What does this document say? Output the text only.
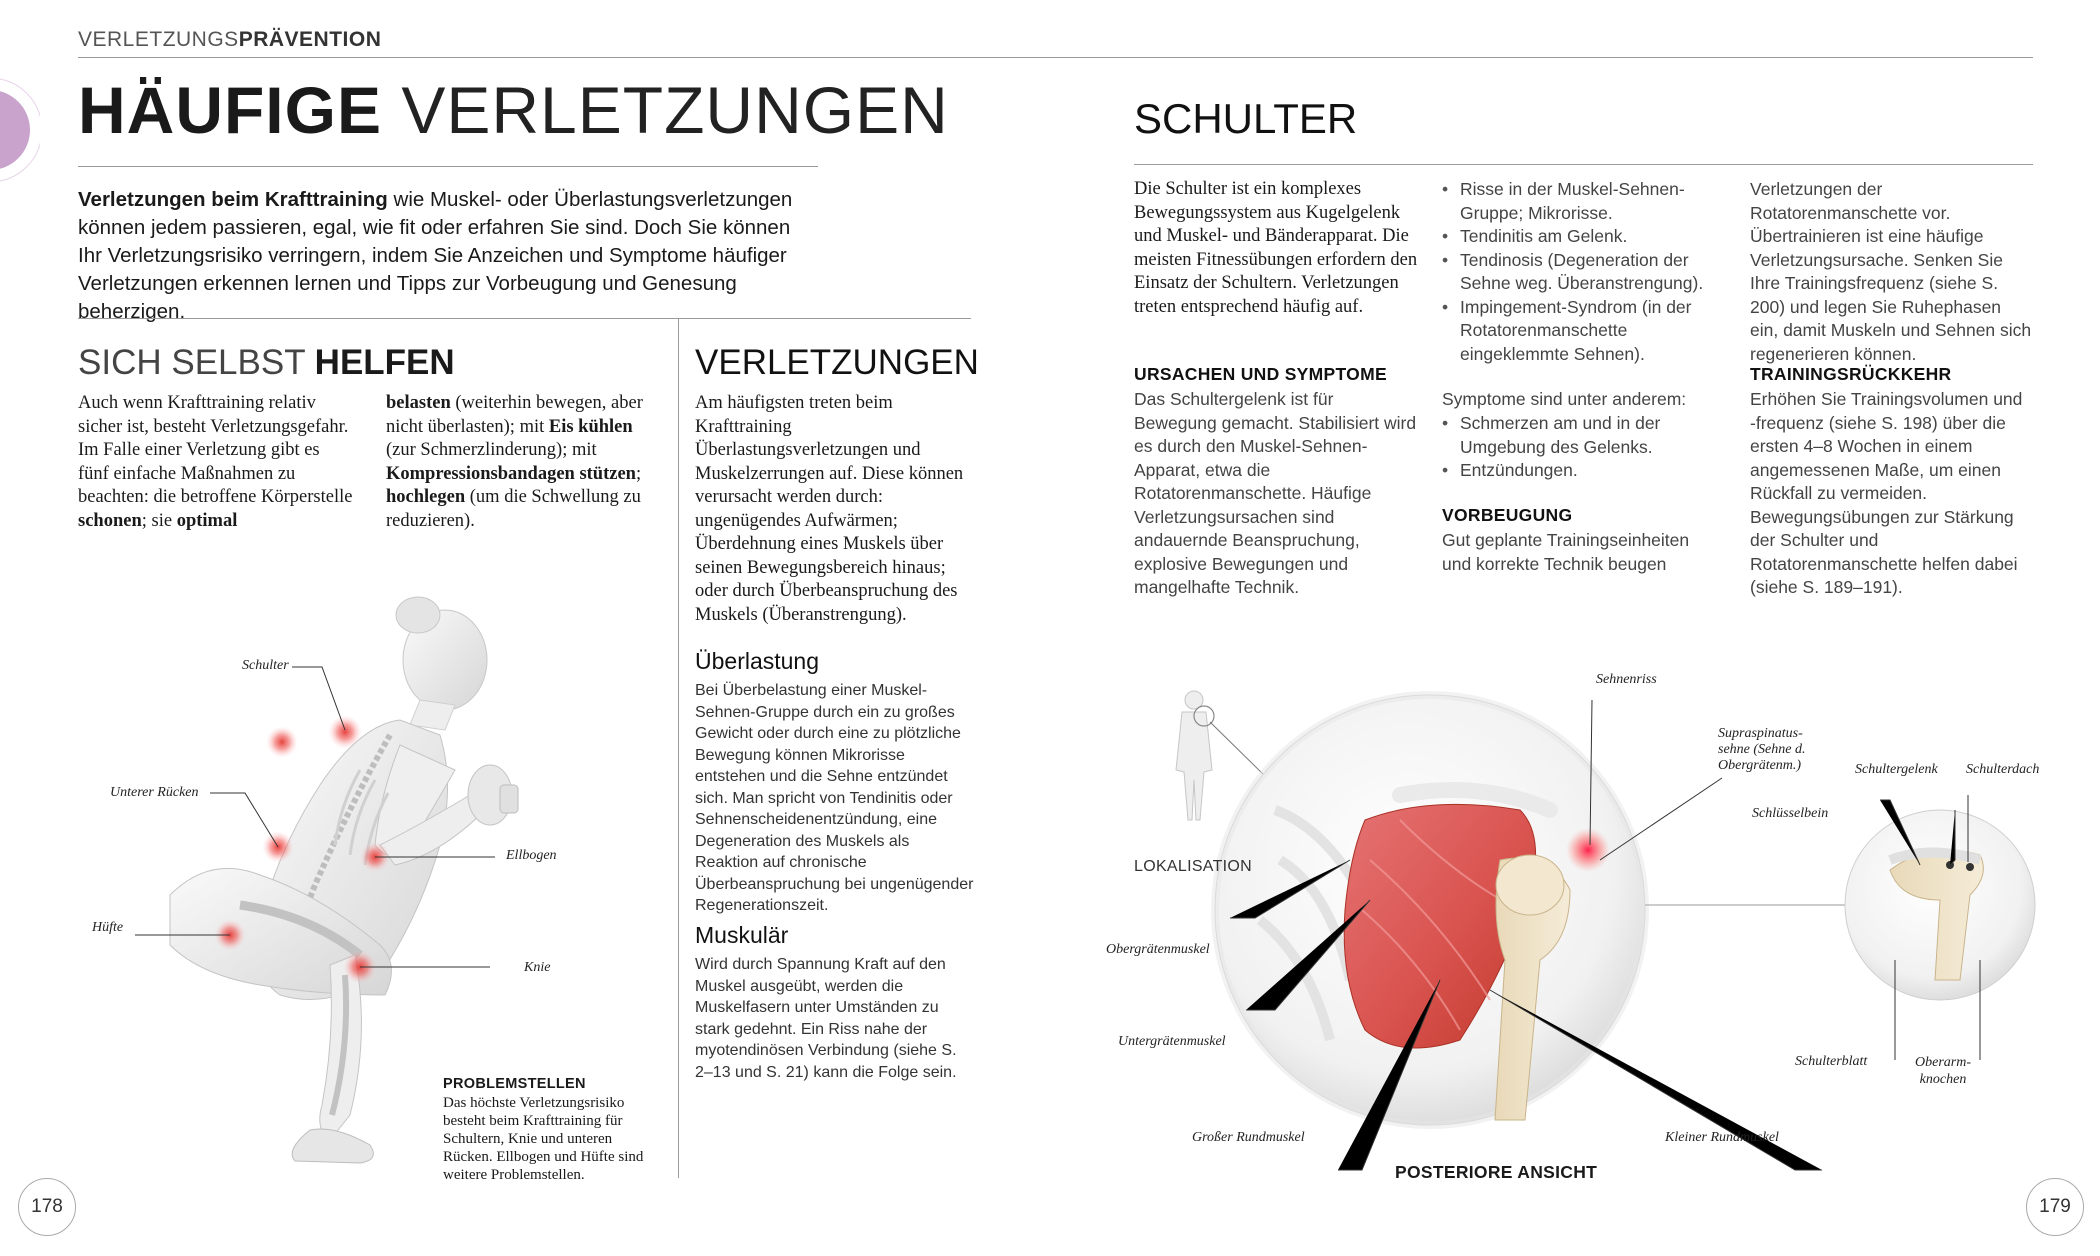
VERLETZUNGSPRÄVENTION
HÄUFIGE VERLETZUNGEN
Verletzungen beim Krafttraining wie Muskel- oder Überlastungsverletzungen können jedem passieren, egal, wie fit oder erfahren Sie sind. Doch Sie können Ihr Verletzungsrisiko verringern, indem Sie Anzeichen und Symptome häufiger Verletzungen erkennen lernen und Tipps zur Vorbeugung und Genesung beherzigen.
SICH SELBST HELFEN
Auch wenn Krafttraining relativ sicher ist, besteht Verletzungsgefahr. Im Falle einer Verletzung gibt es fünf einfache Maßnahmen zu beachten: die betroffene Körperstelle schonen; sie optimal
belasten (weiterhin bewegen, aber nicht überlasten); mit Eis kühlen (zur Schmerzlinderung); mit Kompressionsbandagen stützen; hochlegen (um die Schwellung zu reduzieren).
Schulter
Unterer Rücken
Ellbogen
Hüfte
Knie
PROBLEMSTELLEN
Das höchste Verletzungsrisiko besteht beim Krafttraining für Schultern, Knie und unteren Rücken. Ellbogen und Hüfte sind weitere Problemstellen.
VERLETZUNGEN
Am häufigsten treten beim Krafttraining Überlastungsverletzungen und Muskelzerrungen auf. Diese können verursacht werden durch: ungenügendes Aufwärmen; Überdehnung eines Muskels über seinen Bewegungsbereich hinaus; oder durch Überbeanspruchung des Muskels (Überanstrengung).
Überlastung
Bei Überbelastung einer Muskel-Sehnen-Gruppe durch ein zu großes Gewicht oder durch eine zu plötzliche Bewegung können Mikrorisse entstehen und die Sehne entzündet sich. Man spricht von Tendinitis oder Sehnenscheidenentzündung, eine Degeneration des Muskels als Reaktion auf chronische Überbeanspruchung bei ungenügender Regenerationszeit.
Muskulär
Wird durch Spannung Kraft auf den Muskel ausgeübt, werden die Muskelfasern unter Umständen zu stark gedehnt. Ein Riss nahe der myotendinösen Verbindung (siehe S. 2–13 und S. 21) kann die Folge sein.
178
SCHULTER
Die Schulter ist ein komplexes Bewegungssystem aus Kugelgelenk und Muskel- und Bänderapparat. Die meisten Fitnessübungen erfordern den Einsatz der Schultern. Verletzungen treten entsprechend häufig auf.
URSACHEN UND SYMPTOME
Das Schultergelenk ist für Bewegung gemacht. Stabilisiert wird es durch den Muskel-Sehnen-Apparat, etwa die Rotatorenmanschette. Häufige Verletzungsursachen sind andauernde Beanspruchung, explosive Bewegungen und mangelhafte Technik.
• Risse in der Muskel-Sehnen-Gruppe; Mikrorisse.
• Tendinitis am Gelenk.
• Tendinosis (Degeneration der Sehne weg. Überanstrengung).
• Impingement-Syndrom (in der Rotatorenmanschette eingeklemmte Sehnen).
Symptome sind unter anderem:
• Schmerzen am und in der Umgebung des Gelenks.
• Entzündungen.
VORBEUGUNG
Gut geplante Trainingseinheiten und korrekte Technik beugen
Verletzungen der Rotatorenmanschette vor. Übertrainieren ist eine häufige Verletzungsursache. Senken Sie Ihre Trainingsfrequenz (siehe S. 200) und legen Sie Ruhephasen ein, damit Muskeln und Sehnen sich regenerieren können.
TRAININGSRÜCKKEHR
Erhöhen Sie Trainingsvolumen und -frequenz (siehe S. 198) über die ersten 4–8 Wochen in einem angemessenen Maße, um einen Rückfall zu vermeiden. Bewegungsübungen zur Stärkung der Schulter und Rotatorenmanschette helfen dabei (siehe S. 189–191).
LOKALISATION
Sehnenriss
Supraspinatus-
sehne (Sehne d.
Obergrätenm.)	Schultergelenk Schulterdach
Schlüsselbein
Obergrätenmuskel
Untergrätenmuskel
Großer Rundmuskel	Kleiner Rundmuskel
Schulterblatt	Oberarm-
knochen
POSTERIORE ANSICHT
179
